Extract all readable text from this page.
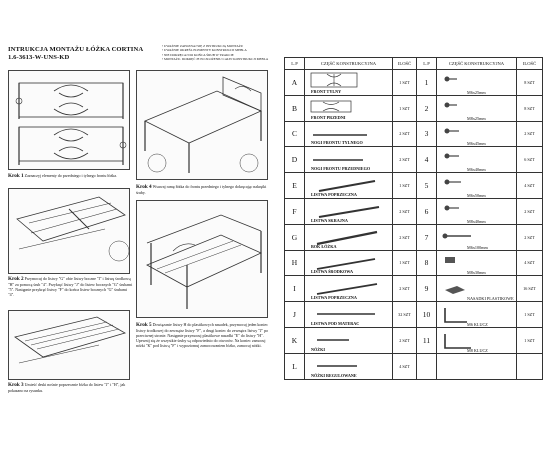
INTRUKCJA MONTAŻU ŁÓŻKA CORTINA
1.6-3613-W-UNS-KD
• UWAŻNIE ZAPOZNAJ SIĘ Z INSTRUKCJĄ MONTAŻU
• UWAŻNIE OKREŚL ELEMENTY KONSTRUKCJI MEBLA
• NIE DOKRĘCAJ DO KOŃCA ŚRUB W TRAKCIE
• MONTAŻU. DOKRĘĆ JE PO ZŁOŻENIU CAŁEJ KONSTRUKCJI MEBLA
Krok 1 Zaznaczyj elementy do przedniego i tylnego frontu łóżka.
Krok 2 Przymocuj do listwy "G" obie listwy boczne "I" i listwę środkową "H" za pomocą śrub "4". Przykręć listwy "J" do listew bocznych "G" śrubami "5". Następnie przykręć listwy "F" do końca listew bocznych "G" śrubami "4".
Krok 3 Umieść deski nośnie poprzecznie łóżka do listew "J" i "H", jak pokazano na rysunku.
Krok 4 Wsuwaj ramę łóżka do frontu przedniego i tylnego dokręcając nakrętki śruby.
Krok 5 Dowiązanie listwy H do plastikowych nasadek, przymocuj jeden koniec listwy środkowej do zewnątrz listwy "F", a drugi koniec do zewnątrz listwy "J" po przeciwnej stronie. Następnie przymocuj plastikowe nasadki "E" do listwy "H". Upewnij się że wszystkie śruby są odpowiednio do otworów. Na koniec zamocuj nóżki "K" pod listwą "F" i wypoziomuj zamocowaniem łóżko, zamocuj nóżki.
L.P	CZĘŚĆ KONSTRUKCYJNA	ILOŚĆ	L.P	CZĘŚĆ KONSTRUKCYJNA	ILOŚĆ
A	FRONT TYLNY	1 SZT	1	M6x25mm	8 SZT
B	FRONT PRZEDNI	1 SZT	2	M8x25mm	8 SZT
C	NOGI FRONTU TYLNEGO	2 SZT	3	M6x45mm	2 SZT
D	NOGI FRONTU PRZEDNIEGO	2 SZT	4	M6x40mm	6 SZT
E	LISTWA POPRZECZNA	1 SZT	5	M6x50mm	4 SZT
F	LISTWA SKRAJNA	2 SZT	6	M8x40mm	2 SZT
G	BOK ŁÓŻKA	2 SZT	7	M6x100mm	2 SZT
H	LISTWA ŚRODKOWA	1 SZT	8	M8x30mm	4 SZT
I	LISTWA POPRZECZNA	2 SZT	9	NASADKI PLASTIKOWE	16 SZT
J	LISTWA POD MATERAC	32 SZT	10	M6 KLUCZ	1 SZT
K	NÓŻKI	2 SZT	11	M8 KLUCZ	1 SZT
L	NÓŻKI REGULOWANE	4 SZT			
